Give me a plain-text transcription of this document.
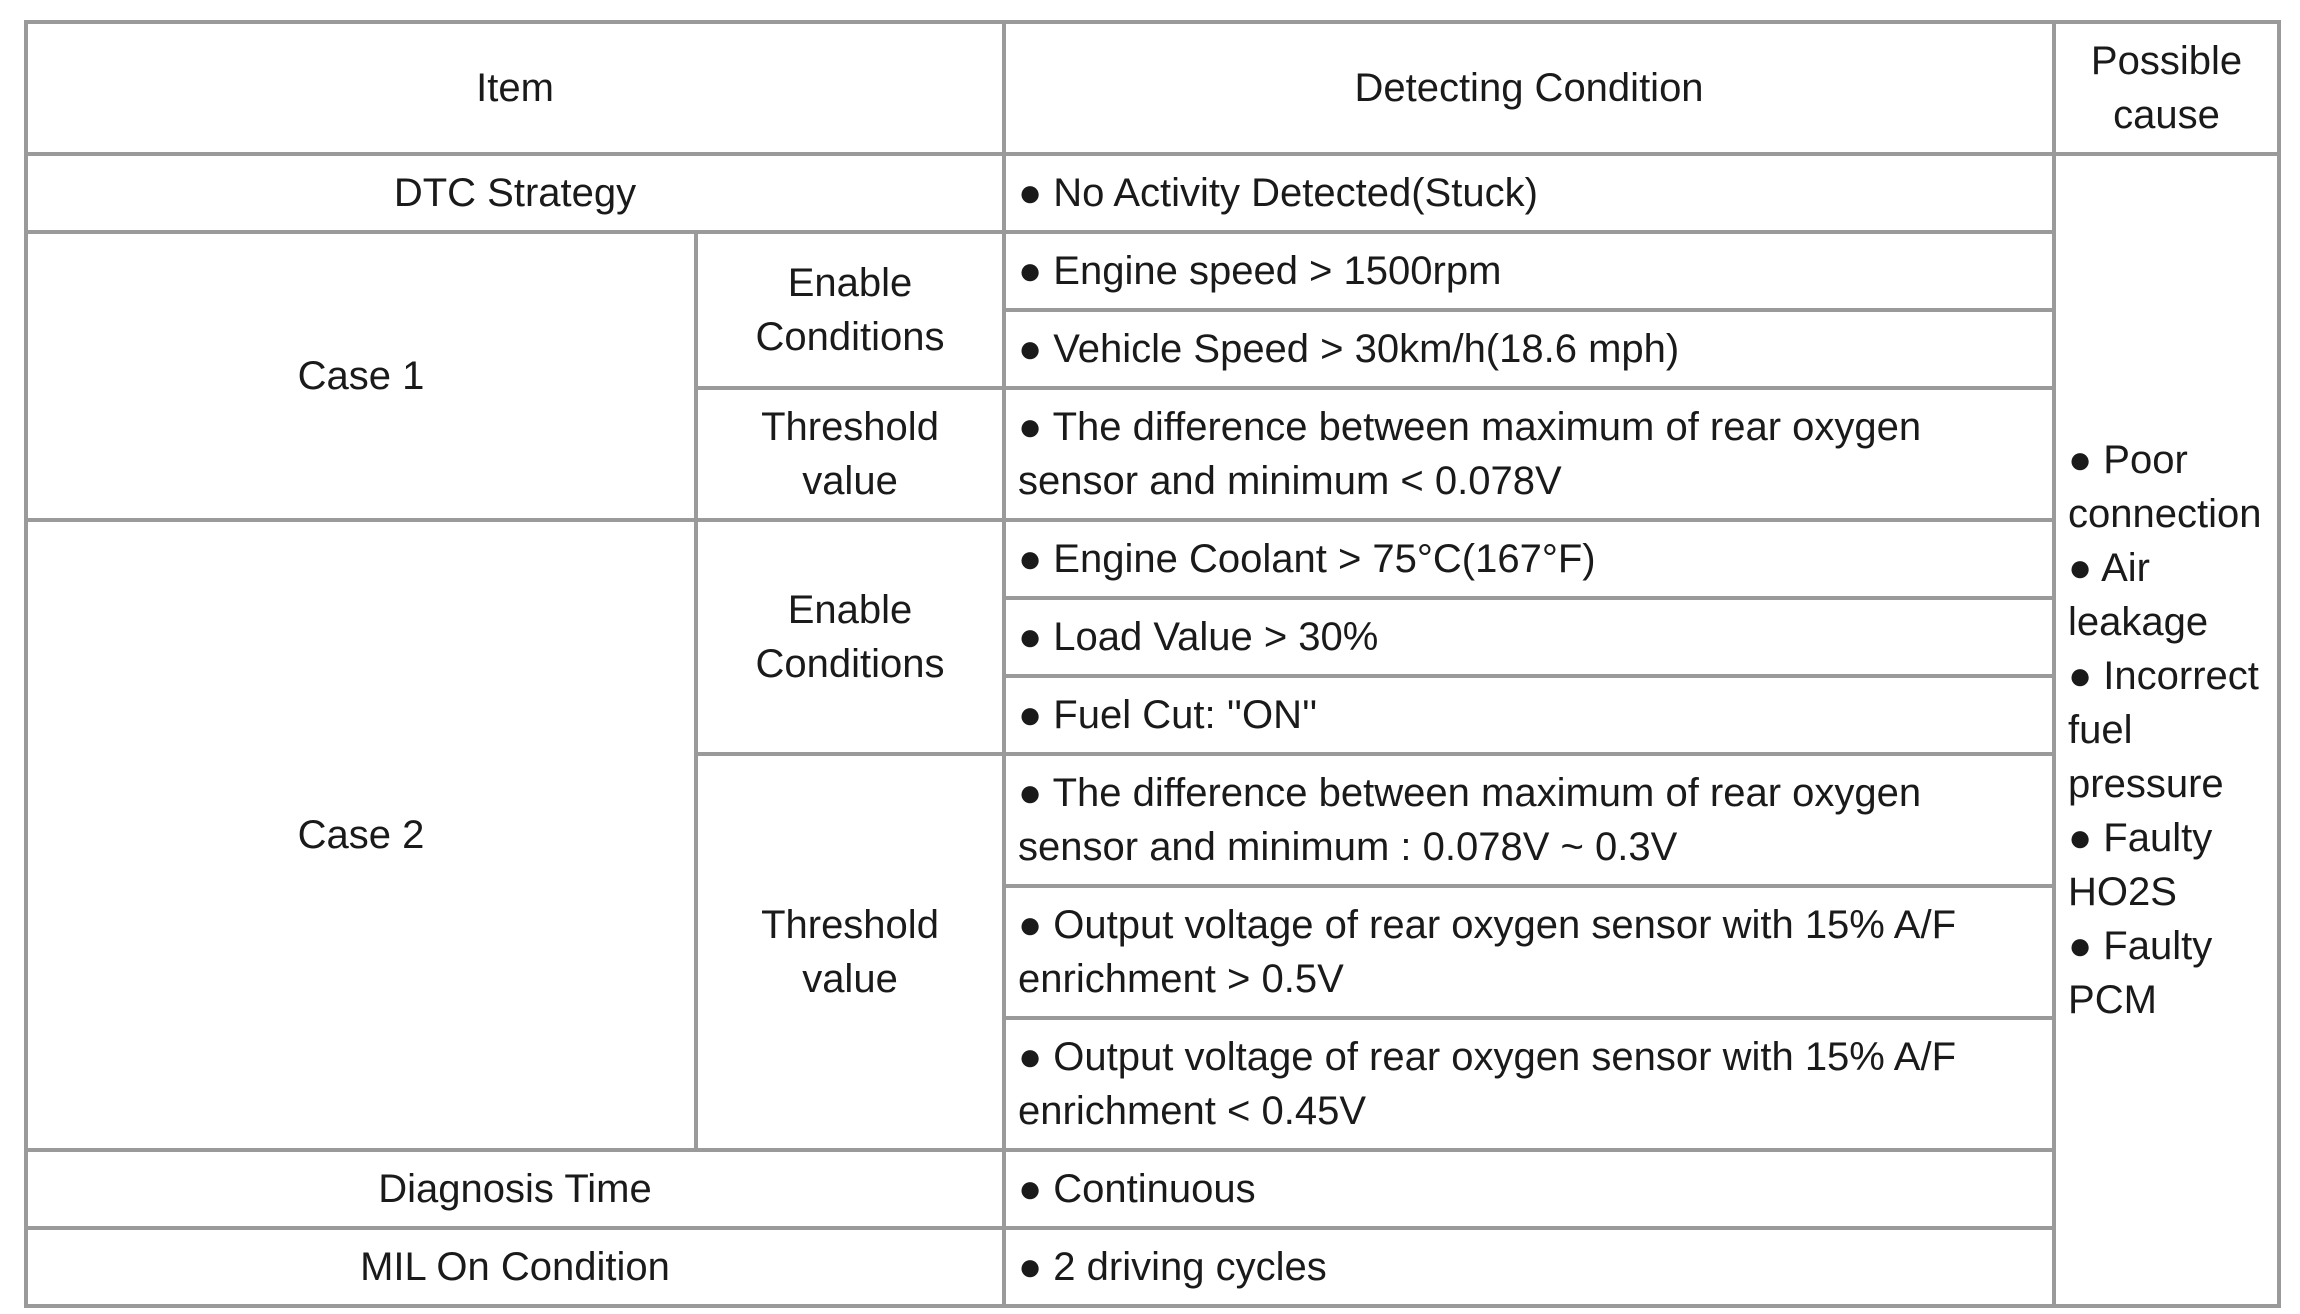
Item		Detecting Condition	Possible cause
DTC Strategy		● No Activity Detected(Stuck)	● Poor connection
● Air leakage
● Incorrect fuel pressure
● Faulty HO2S
● Faulty PCM

Case 1	Enable Conditions	● Engine speed > 1500rpm	
		● Vehicle Speed > 30km/h(18.6 mph)	
	Threshold value	● The difference between maximum of rear oxygen sensor and minimum < 0.078V	
Case 2	Enable Conditions	● Engine Coolant > 75°C(167°F)	
		● Load Value > 30%	
		● Fuel Cut: ''ON''	
	Threshold value	● The difference between maximum of rear oxygen sensor and minimum : 0.078V ~ 0.3V	
		● Output voltage of rear oxygen sensor with 15% A/F enrichment > 0.5V	
		● Output voltage of rear oxygen sensor with 15% A/F enrichment < 0.45V	
Diagnosis Time		● Continuous	
MIL On Condition		● 2 driving cycles	
